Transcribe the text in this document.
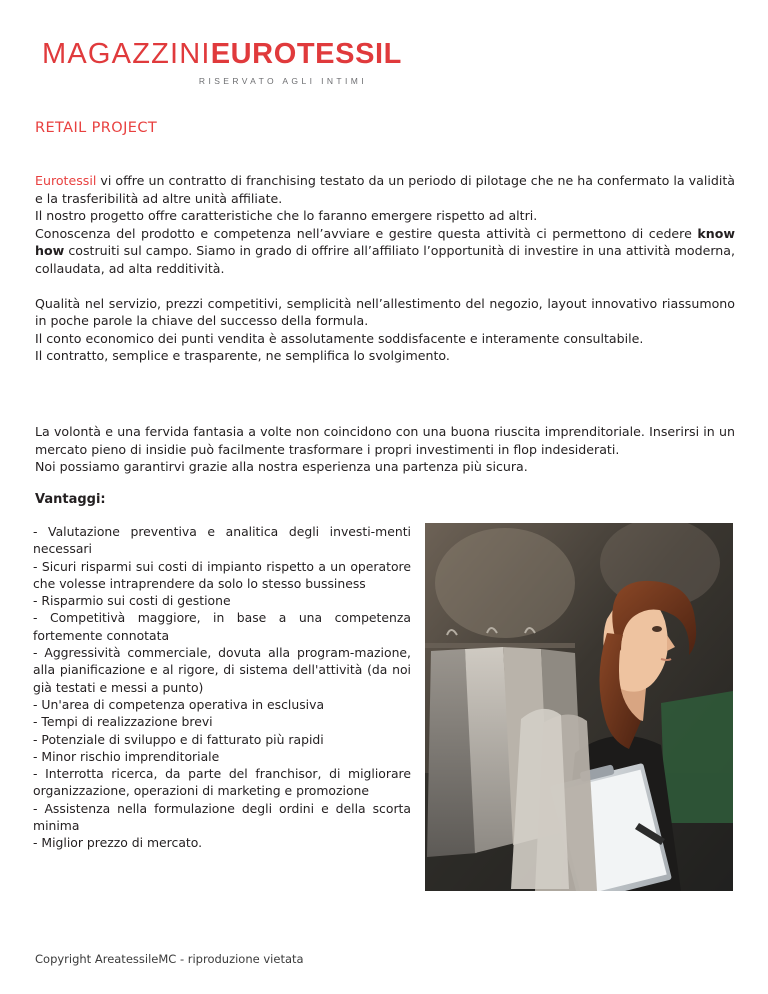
MAGAZZINIEUROTESSIL
RISERVATO AGLI INTIMI
RETAIL PROJECT

Eurotessil vi offre un contratto di franchising testato da un periodo di pilotage che ne ha confermato la validità e la trasferibilità ad altre unità affiliate.

Il nostro progetto offre caratteristiche che lo faranno emergere rispetto ad altri.

Conoscenza del prodotto e competenza nell’avviare e gestire questa attività ci permettono di cedere know how costruiti sul campo. Siamo in grado di offrire all’affiliato l’opportunità di investire in una attività moderna, collaudata, ad alta redditività.

Qualità nel servizio, prezzi competitivi, semplicità nell’allestimento del negozio, layout innovativo riassumono in poche parole la chiave del successo della formula.

Il conto economico dei punti vendita è assolutamente soddisfacente e interamente consultabile.

Il contratto, semplice e trasparente, ne semplifica lo svolgimento.

La volontà e una fervida fantasia a volte non coincidono con una buona riuscita imprenditoriale. Inserirsi in un mercato pieno di insidie può facilmente trasformare i propri investimenti in flop indesiderati.

Noi possiamo garantirvi grazie alla nostra esperienza una partenza più sicura.

Vantaggi:
- Valutazione preventiva e analitica degli investi-menti necessari
- Sicuri risparmi sui costi di impianto rispetto a un operatore che volesse intraprendere da solo lo stesso bussiness
- Risparmio sui costi di gestione
- Competitivà maggiore, in base a una competenza fortemente connotata
- Aggressività commerciale, dovuta alla program-mazione, alla pianificazione e al rigore, di sistema dell'attività (da noi già testati e messi a punto)
- Un'area di competenza operativa in esclusiva
- Tempi di realizzazione brevi
- Potenziale di sviluppo e di fatturato più rapidi
- Minor rischio imprenditoriale
- Interrotta ricerca, da parte del franchisor, di migliorare organizzazione, operazioni di marketing e promozione
- Assistenza nella formulazione degli ordini e della scorta minima
- Miglior prezzo di mercato.
Copyright AreatessileMC - riproduzione vietata
